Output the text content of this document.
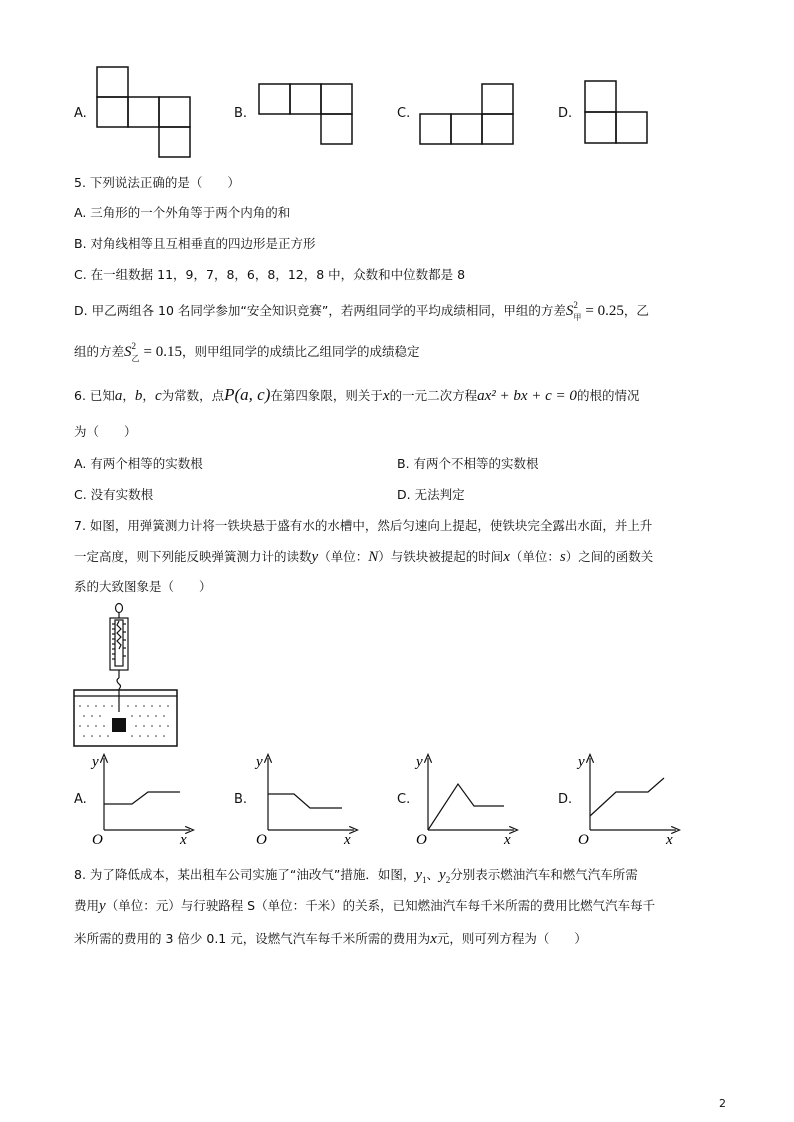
A.	B.	C.	D.
5. 下列说法正确的是（　　）
A. 三角形的一个外角等于两个内角的和
B. 对角线相等且互相垂直的四边形是正方形
C. 在一组数据 11，9，7，8，6，8，12，8 中，众数和中位数都是 8
D. 甲乙两组各 10 名同学参加“安全知识竞赛”，若两组同学的平均成绩相同，甲组的方差S 2
甲 = 0.25，乙
组的方差S 2
乙 = 0.15，则甲组同学的成绩比乙组同学的成绩稳定
6. 已知a，b，c为常数，点P(a, c)在第四象限，则关于x的一元二次方程ax² + bx + c = 0的根的情况
为（　　）
A. 有两个相等的实数根	B. 有两个不相等的实数根
C. 没有实数根	D. 无法判定
7. 如图，用弹簧测力计将一铁块悬于盛有水的水槽中，然后匀速向上提起，使铁块完全露出水面，并上升
一定高度，则下列能反映弹簧测力计的读数y（单位：N）与铁块被提起的时间x（单位：s）之间的函数关
系的大致图象是（　　）
A.
y
x
O
B.
y
x
O
C.
y
x
O
D.
y
x
O
8. 为了降低成本，某出租车公司实施了“油改气”措施．如图，$y_1$、$y_2$分别表示燃油汽车和燃气汽车所需
费用y（单位：元）与行驶路程 S（单位：千米）的关系，已知燃油汽车每千米所需的费用比燃气汽车每千
米所需的费用的 3 倍少 0.1 元，设燃气汽车每千米所需的费用为x元，则可列方程为（　　）
2
